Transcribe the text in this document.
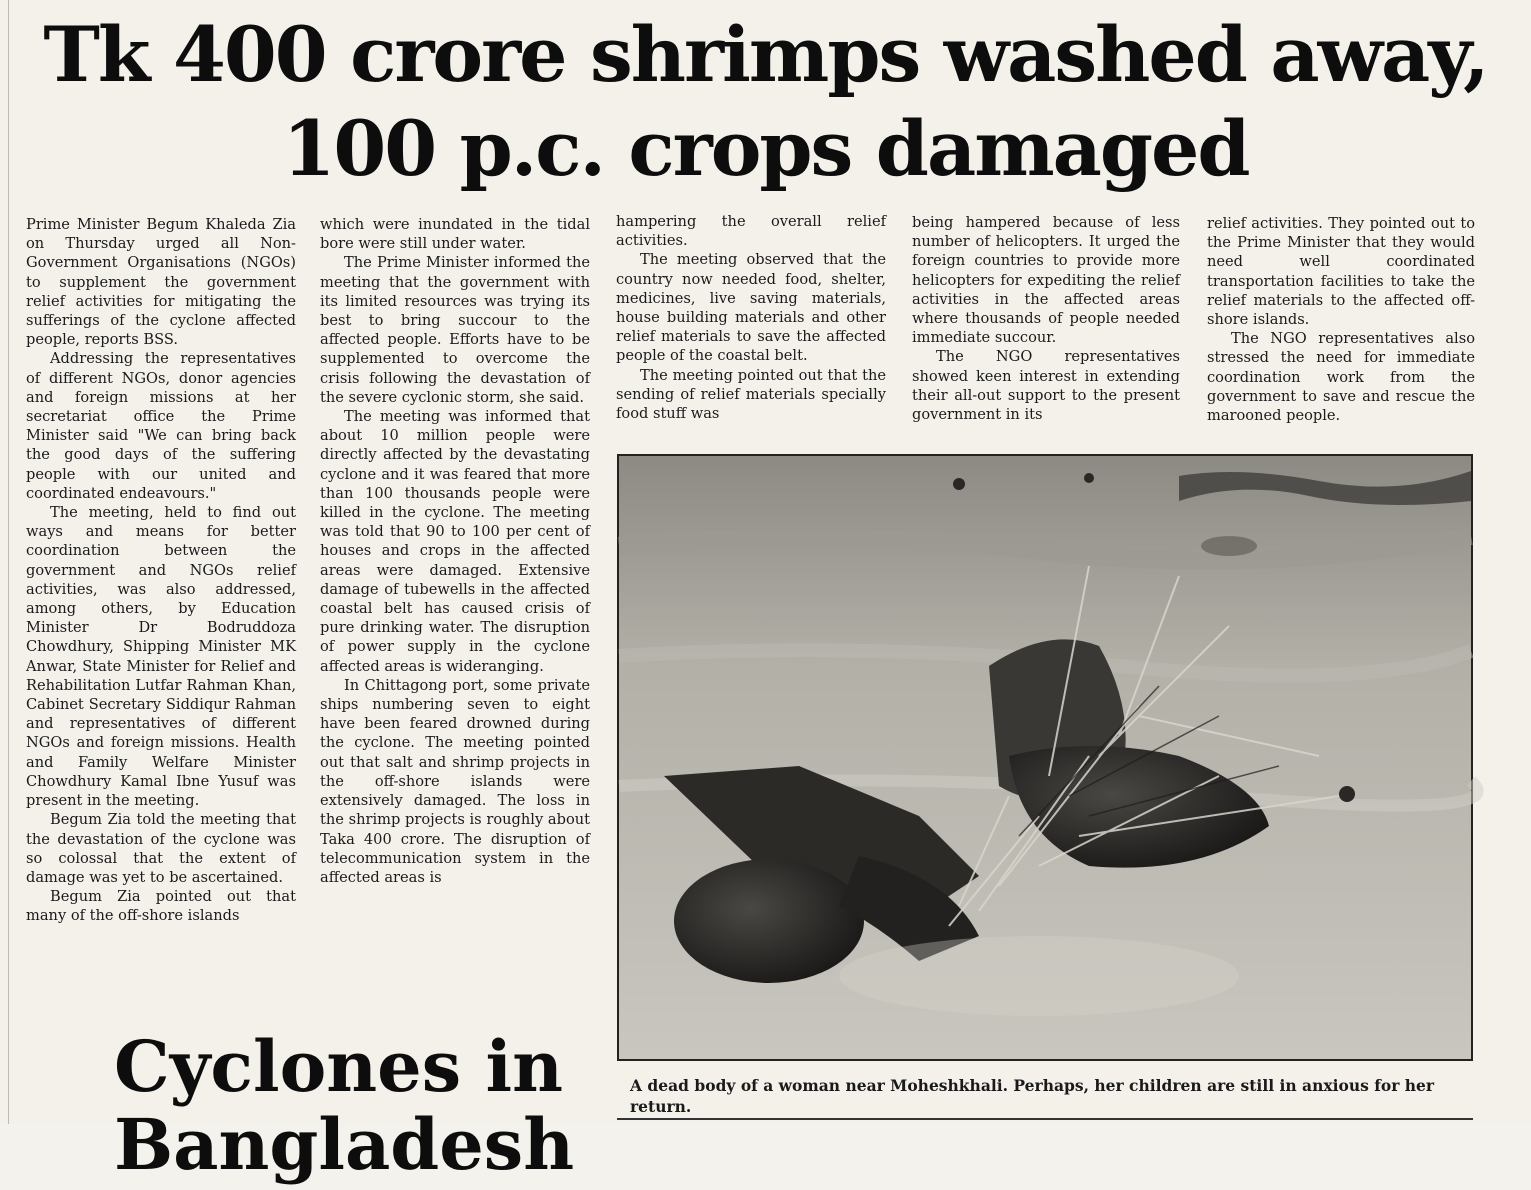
Tk 400 crore shrimps washed away,
100 p.c. crops damaged

Prime Minister Begum Khaleda Zia on Thursday urged all Non-Government Organisations (NGOs) to supplement the government relief activities for mitigating the sufferings of the cyclone affected people, reports BSS.

Addressing the representatives of different NGOs, donor agencies and foreign missions at her secretariat office the Prime Minister said "We can bring back the good days of the suffering people with our united and coordinated endeavours."

The meeting, held to find out ways and means for better coordination between the government and NGOs relief activities, was also addressed, among others, by Education Minister Dr Bodruddoza Chowdhury, Shipping Minister MK Anwar, State Minister for Relief and Rehabilitation Lutfar Rahman Khan, Cabinet Secretary Siddiqur Rahman and representatives of different NGOs and foreign missions. Health and Family Welfare Minister Chowdhury Kamal Ibne Yusuf was present in the meeting.

Begum Zia told the meeting that the devastation of the cyclone was so colossal that the extent of damage was yet to be ascertained.

Begum Zia pointed out that many of the off-shore islands

which were inundated in the tidal bore were still under water.

The Prime Minister informed the meeting that the government with its limited resources was trying its best to bring succour to the affected people. Efforts have to be supplemented to overcome the crisis following the devastation of the severe cyclonic storm, she said.

The meeting was informed that about 10 million people were directly affected by the devastating cyclone and it was feared that more than 100 thousands people were killed in the cyclone. The meeting was told that 90 to 100 per cent of houses and crops in the affected areas were damaged. Extensive damage of tubewells in the affected coastal belt has caused crisis of pure drinking water. The disruption of power supply in the cyclone affected areas is wideranging.

In Chittagong port, some private ships numbering seven to eight have been feared drowned during the cyclone. The meeting pointed out that salt and shrimp projects in the off-shore islands were extensively damaged. The loss in the shrimp projects is roughly about Taka 400 crore. The disruption of telecommunication system in the affected areas is

hampering the overall relief activities.

The meeting observed that the country now needed food, shelter, medicines, live saving materials, house building materials and other relief materials to save the affected people of the coastal belt.

The meeting pointed out that the sending of relief materials specially food stuff was

being hampered because of less number of helicopters. It urged the foreign countries to provide more helicopters for expediting the relief activities in the affected areas where thousands of people needed immediate succour.

The NGO representatives showed keen interest in extending their all-out support to the present government in its

relief activities. They pointed out to the Prime Minister that they would need well coordinated transportation facilities to take the relief materials to the affected off-shore islands.

The NGO representatives also stressed the need for immediate coordination work from the government to save and rescue the marooned people.

A dead body of a woman near Moheshkhali. Perhaps, her children are still in anxious for her return.

Cyclones in
Bangladesh
